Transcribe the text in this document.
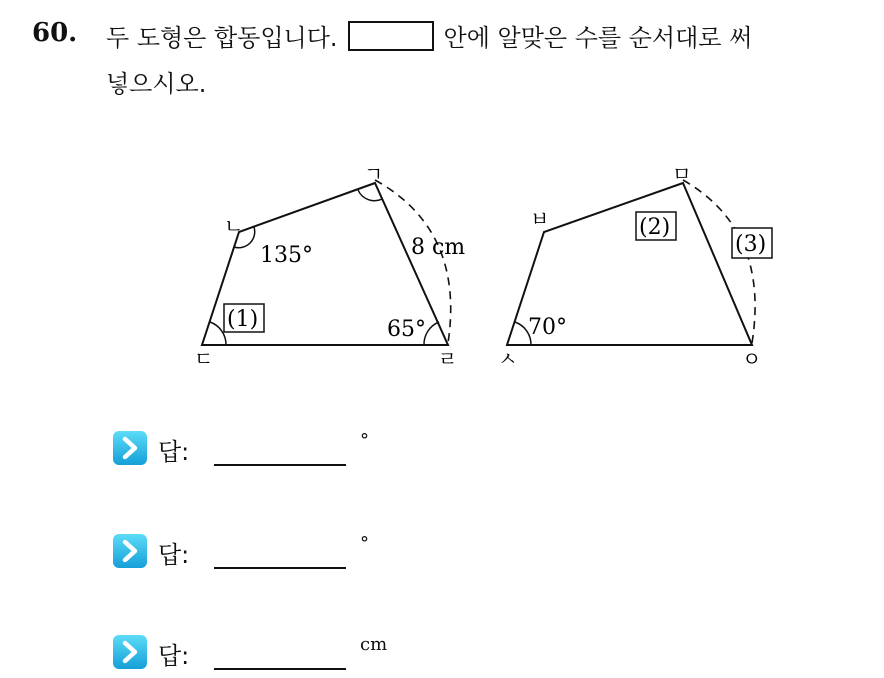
60. 두 도형은 합동입니다.	안에 알맞은 수를 순서대로 써
넣으시오.
ㄱ
ㄴ
ㄷ	ㄹ
135°
65°
8 cm
(1)
ㅁ
ㅂ
ㅅ	ㅇ
70°
(2)
(3)
답:	°
답:	°
답:	cm
